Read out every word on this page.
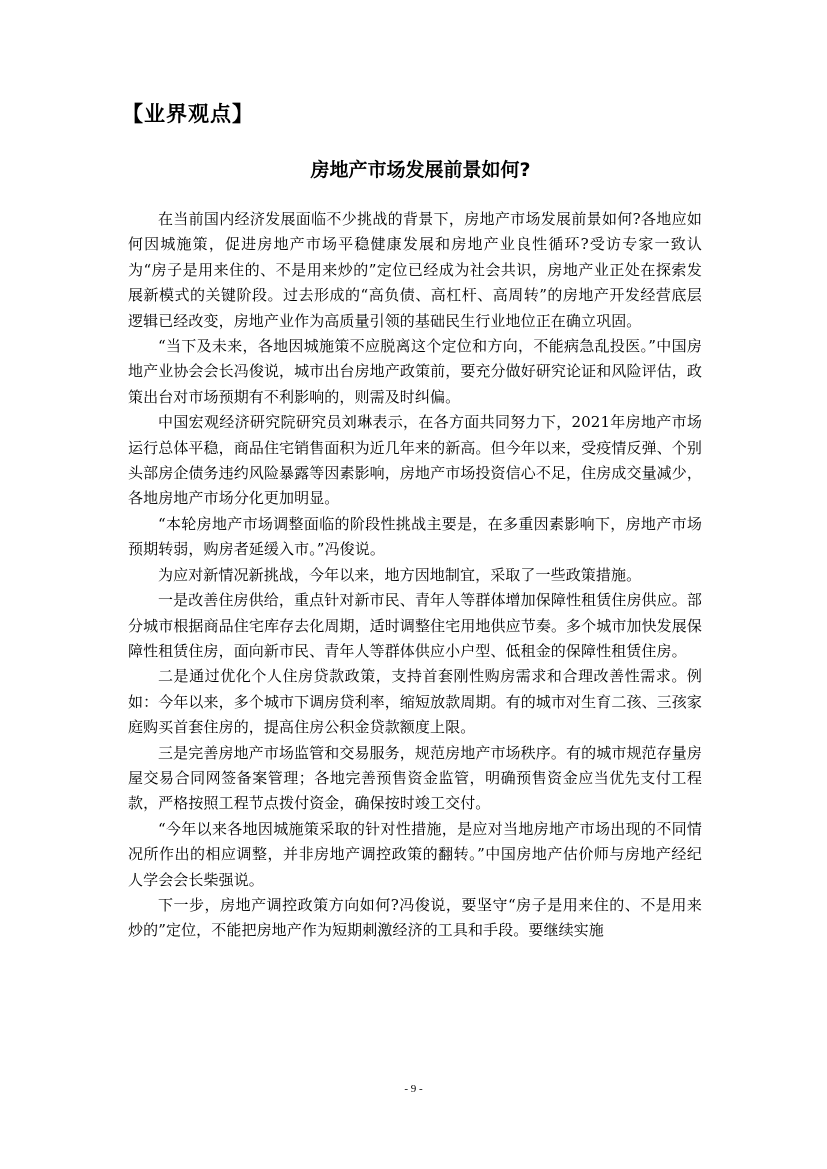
【业界观点】
房地产市场发展前景如何?

在当前国内经济发展面临不少挑战的背景下，房地产市场发展前景如何?各地应如何因城施策，促进房地产市场平稳健康发展和房地产业良性循环?受访专家一致认为“房子是用来住的、不是用来炒的”定位已经成为社会共识，房地产业正处在探索发展新模式的关键阶段。过去形成的“高负债、高杠杆、高周转”的房地产开发经营底层逻辑已经改变，房地产业作为高质量引领的基础民生行业地位正在确立巩固。

“当下及未来，各地因城施策不应脱离这个定位和方向，不能病急乱投医。”中国房地产业协会会长冯俊说，城市出台房地产政策前，要充分做好研究论证和风险评估，政策出台对市场预期有不利影响的，则需及时纠偏。

中国宏观经济研究院研究员刘琳表示，在各方面共同努力下，2021年房地产市场运行总体平稳，商品住宅销售面积为近几年来的新高。但今年以来，受疫情反弹、个别头部房企债务违约风险暴露等因素影响，房地产市场投资信心不足，住房成交量减少，各地房地产市场分化更加明显。

“本轮房地产市场调整面临的阶段性挑战主要是，在多重因素影响下，房地产市场预期转弱，购房者延缓入市。”冯俊说。

为应对新情况新挑战，今年以来，地方因地制宜，采取了一些政策措施。

一是改善住房供给，重点针对新市民、青年人等群体增加保障性租赁住房供应。部分城市根据商品住宅库存去化周期，适时调整住宅用地供应节奏。多个城市加快发展保障性租赁住房，面向新市民、青年人等群体供应小户型、低租金的保障性租赁住房。

二是通过优化个人住房贷款政策，支持首套刚性购房需求和合理改善性需求。例如：今年以来，多个城市下调房贷利率，缩短放款周期。有的城市对生育二孩、三孩家庭购买首套住房的，提高住房公积金贷款额度上限。

三是完善房地产市场监管和交易服务，规范房地产市场秩序。有的城市规范存量房屋交易合同网签备案管理；各地完善预售资金监管，明确预售资金应当优先支付工程款，严格按照工程节点拨付资金，确保按时竣工交付。

“今年以来各地因城施策采取的针对性措施，是应对当地房地产市场出现的不同情况所作出的相应调整，并非房地产调控政策的翻转。”中国房地产估价师与房地产经纪人学会会长柴强说。

下一步，房地产调控政策方向如何?冯俊说，要坚守“房子是用来住的、不是用来炒的”定位，不能把房地产作为短期刺激经济的工具和手段。要继续实施

- 9 -
